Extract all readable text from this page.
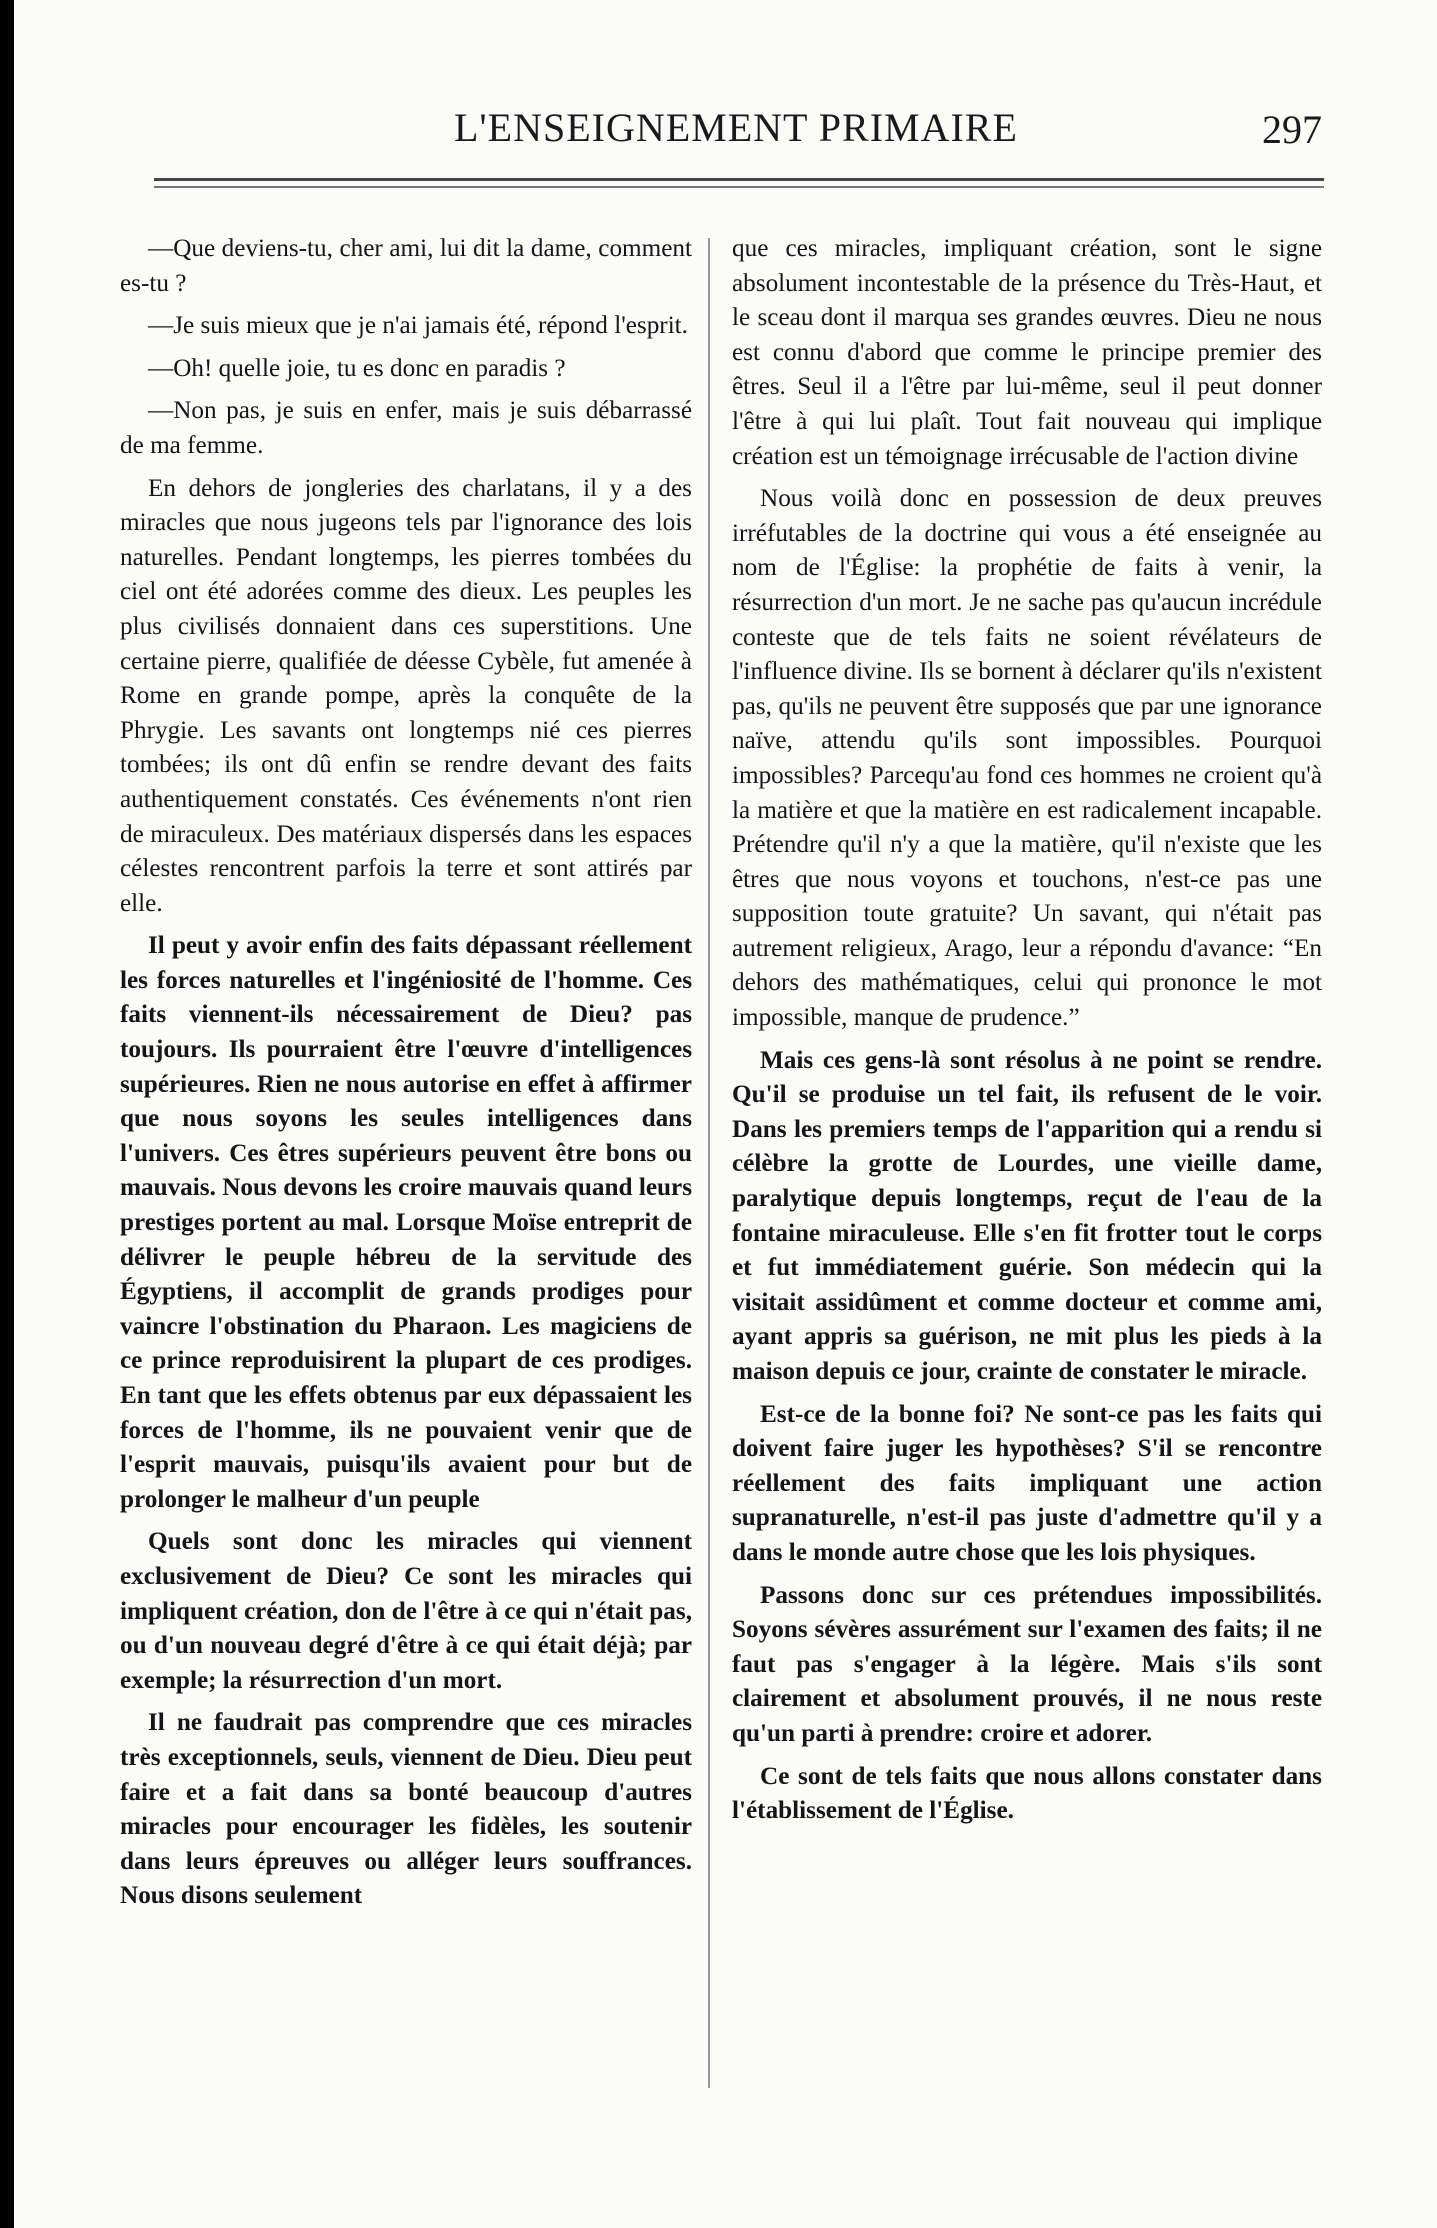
L'ENSEIGNEMENT PRIMAIRE	297

—Que deviens-tu, cher ami, lui dit la dame, comment es-tu ?

—Je suis mieux que je n'ai jamais été, répond l'esprit.

—Oh! quelle joie, tu es donc en paradis ?

—Non pas, je suis en enfer, mais je suis débarrassé de ma femme.

En dehors de jongleries des charlatans, il y a des miracles que nous jugeons tels par l'ignorance des lois naturelles. Pendant longtemps, les pierres tombées du ciel ont été adorées comme des dieux. Les peuples les plus civilisés donnaient dans ces superstitions. Une certaine pierre, qualifiée de déesse Cybèle, fut amenée à Rome en grande pompe, après la conquête de la Phrygie. Les savants ont longtemps nié ces pierres tombées; ils ont dû enfin se rendre devant des faits authentiquement constatés. Ces événements n'ont rien de miraculeux. Des matériaux dispersés dans les espaces célestes rencontrent parfois la terre et sont attirés par elle.

Il peut y avoir enfin des faits dépassant réellement les forces naturelles et l'ingéniosité de l'homme. Ces faits viennent-ils nécessairement de Dieu? pas toujours. Ils pourraient être l'œuvre d'intelligences supérieures. Rien ne nous autorise en effet à affirmer que nous soyons les seules intelligences dans l'univers. Ces êtres supérieurs peuvent être bons ou mauvais. Nous devons les croire mauvais quand leurs prestiges portent au mal. Lorsque Moïse entreprit de délivrer le peuple hébreu de la servitude des Égyptiens, il accomplit de grands prodiges pour vaincre l'obstination du Pharaon. Les magiciens de ce prince reproduisirent la plupart de ces prodiges. En tant que les effets obtenus par eux dépassaient les forces de l'homme, ils ne pouvaient venir que de l'esprit mauvais, puisqu'ils avaient pour but de prolonger le malheur d'un peuple

Quels sont donc les miracles qui viennent exclusivement de Dieu? Ce sont les miracles qui impliquent création, don de l'être à ce qui n'était pas, ou d'un nouveau degré d'être à ce qui était déjà; par exemple; la résurrection d'un mort.

Il ne faudrait pas comprendre que ces miracles très exceptionnels, seuls, viennent de Dieu. Dieu peut faire et a fait dans sa bonté beaucoup d'autres miracles pour encourager les fidèles, les soutenir dans leurs épreuves ou alléger leurs souffrances. Nous disons seulement

que ces miracles, impliquant création, sont le signe absolument incontestable de la présence du Très-Haut, et le sceau dont il marqua ses grandes œuvres. Dieu ne nous est connu d'abord que comme le principe premier des êtres. Seul il a l'être par lui-même, seul il peut donner l'être à qui lui plaît. Tout fait nouveau qui implique création est un témoignage irrécusable de l'action divine

Nous voilà donc en possession de deux preuves irréfutables de la doctrine qui vous a été enseignée au nom de l'Église: la prophétie de faits à venir, la résurrection d'un mort. Je ne sache pas qu'aucun incrédule conteste que de tels faits ne soient révélateurs de l'influence divine. Ils se bornent à déclarer qu'ils n'existent pas, qu'ils ne peuvent être supposés que par une ignorance naïve, attendu qu'ils sont impossibles. Pourquoi impossibles? Parcequ'au fond ces hommes ne croient qu'à la matière et que la matière en est radicalement incapable. Prétendre qu'il n'y a que la matière, qu'il n'existe que les êtres que nous voyons et touchons, n'est-ce pas une supposition toute gratuite? Un savant, qui n'était pas autrement religieux, Arago, leur a répondu d'avance: “En dehors des mathématiques, celui qui prononce le mot impossible, manque de prudence.”

Mais ces gens-là sont résolus à ne point se rendre. Qu'il se produise un tel fait, ils refusent de le voir. Dans les premiers temps de l'apparition qui a rendu si célèbre la grotte de Lourdes, une vieille dame, paralytique depuis longtemps, reçut de l'eau de la fontaine miraculeuse. Elle s'en fit frotter tout le corps et fut immédiatement guérie. Son médecin qui la visitait assidûment et comme docteur et comme ami, ayant appris sa guérison, ne mit plus les pieds à la maison depuis ce jour, crainte de constater le miracle.

Est-ce de la bonne foi? Ne sont-ce pas les faits qui doivent faire juger les hypothèses? S'il se rencontre réellement des faits impliquant une action supranaturelle, n'est-il pas juste d'admettre qu'il y a dans le monde autre chose que les lois physiques.

Passons donc sur ces prétendues impossibilités. Soyons sévères assurément sur l'examen des faits; il ne faut pas s'engager à la légère. Mais s'ils sont clairement et absolument prouvés, il ne nous reste qu'un parti à prendre: croire et adorer.

Ce sont de tels faits que nous allons constater dans l'établissement de l'Église.
